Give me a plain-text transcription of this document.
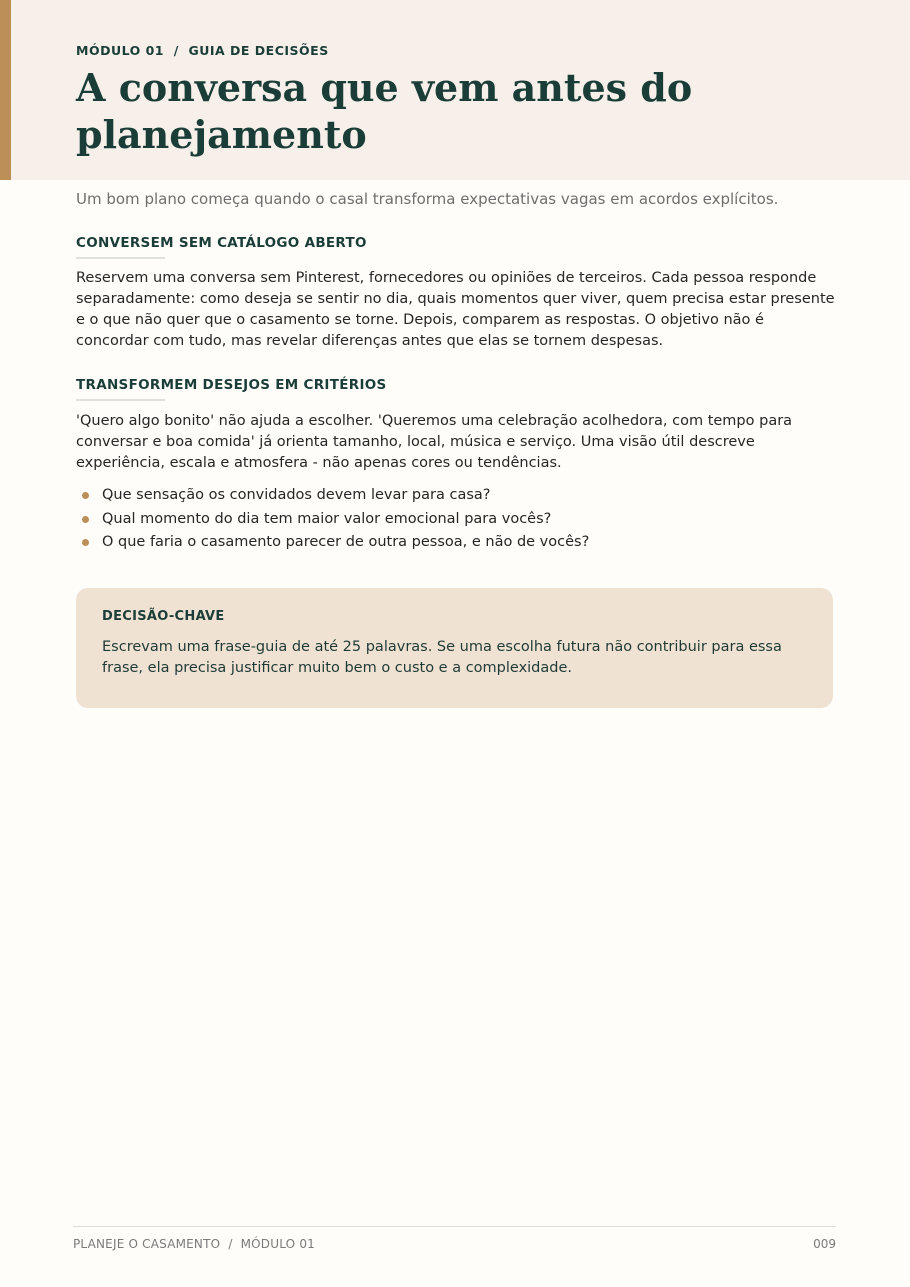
MÓDULO 01  /  GUIA DE DECISÕES
A conversa que vem antes do planejamento
Um bom plano começa quando o casal transforma expectativas vagas em acordos explícitos.
CONVERSEM SEM CATÁLOGO ABERTO

Reservem uma conversa sem Pinterest, fornecedores ou opiniões de terceiros. Cada pessoa responde separadamente: como deseja se sentir no dia, quais momentos quer viver, quem precisa estar presente e o que não quer que o casamento se torne. Depois, comparem as respostas. O objetivo não é concordar com tudo, mas revelar diferenças antes que elas se tornem despesas.

TRANSFORMEM DESEJOS EM CRITÉRIOS

'Quero algo bonito' não ajuda a escolher. 'Queremos uma celebração acolhedora, com tempo para conversar e boa comida' já orienta tamanho, local, música e serviço. Uma visão útil descreve experiência, escala e atmosfera - não apenas cores ou tendências.

Que sensação os convidados devem levar para casa?
Qual momento do dia tem maior valor emocional para vocês?
O que faria o casamento parecer de outra pessoa, e não de vocês?
DECISÃO-CHAVE

Escrevam uma frase-guia de até 25 palavras. Se uma escolha futura não contribuir para essa frase, ela precisa justificar muito bem o custo e a complexidade.

PLANEJE O CASAMENTO  /  MÓDULO 01	009
